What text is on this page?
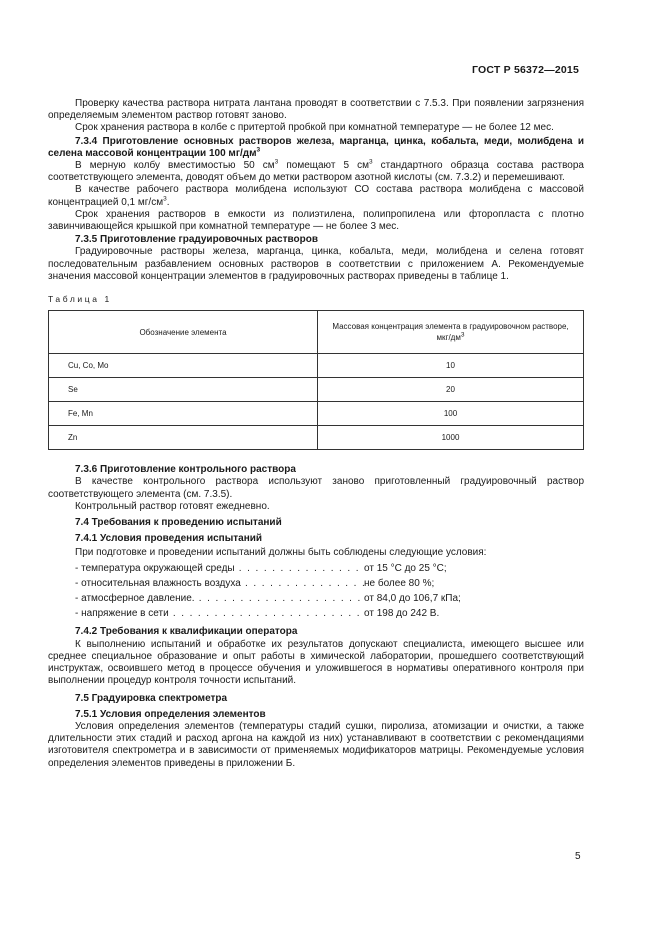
ГОСТ Р 56372—2015

Проверку качества раствора нитрата лантана проводят в соответствии с 7.5.3. При появлении загрязнения определяемым элементом раствор готовят заново.

Срок хранения раствора в колбе с притертой пробкой при комнатной температуре — не более 12 мес.

7.3.4 Приготовление основных растворов железа, марганца, цинка, кобальта, меди, молибдена и селена массовой концентрации 100 $мг/дм^3$

В мерную колбу вместимостью 50 $см^3$ помещают 5 $см^3$ стандартного образца состава раствора соответствующего элемента, доводят объем до метки раствором азотной кислоты (см. 7.3.2) и перемешивают.

В качестве рабочего раствора молибдена используют СО состава раствора молибдена с массовой концентрацией 0,1 $мг/см^3$.

Срок хранения растворов в емкости из полиэтилена, полипропилена или фторопласта с плотно завинчивающейся крышкой при комнатной температуре — не более 3 мес.

7.3.5 Приготовление градуировочных растворов

Градуировочные растворы железа, марганца, цинка, кобальта, меди, молибдена и селена готовят последовательным разбавлением основных растворов в соответствии с приложением А. Рекомендуемые значения массовой концентрации элементов в градуировочных растворах приведены в таблице 1.

Таблица 1
Обозначение элемента	Массовая концентрация элемента в градуировочном растворе, мкг/$дм^3$
Cu, Co, Mo	10
Se	20
Fe, Mn	100
Zn	1000

7.3.6 Приготовление контрольного раствора

В качестве контрольного раствора используют заново приготовленный градуировочный раствор соответствующего элемента (см. 7.3.5).

Контрольный раствор готовят ежедневно.

7.4 Требования к проведению испытаний

7.4.1 Условия проведения испытаний

При подготовке и проведении испытаний должны быть соблюдены следующие условия:

- температура окружающей среды . . .	от 15 °С до 25 °С;
- относительная влажность воздуха . . .	не более 80 %;
- атмосферное давление. . . .	от 84,0 до 106,7 кПа;
- напряжение в сети . . .	от 198 до 242 В.

7.4.2 Требования к квалификации оператора

К выполнению испытаний и обработке их результатов допускают специалиста, имеющего высшее или среднее специальное образование и опыт работы в химической лаборатории, прошедшего соответствующий инструктаж, освоившего метод в процессе обучения и уложившегося в нормативы оперативного контроля при выполнении процедур контроля точности испытаний.

7.5 Градуировка спектрометра

7.5.1 Условия определения элементов

Условия определения элементов (температуры стадий сушки, пиролиза, атомизации и очистки, а также длительности этих стадий и расход аргона на каждой из них) устанавливают в соответствии с рекомендациями изготовителя спектрометра и в зависимости от применяемых модификаторов матрицы. Рекомендуемые условия определения элементов приведены в приложении Б.

5
